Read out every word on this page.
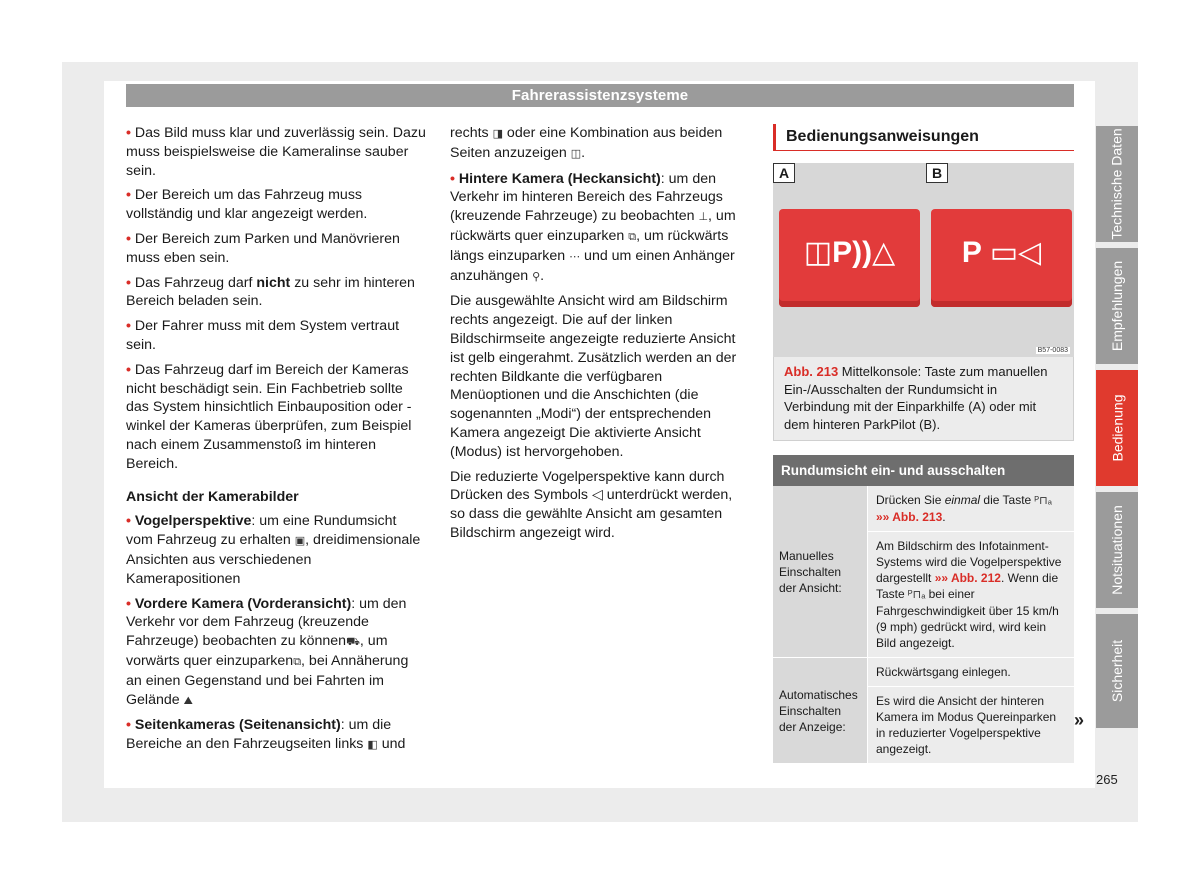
Fahrerassistenzsysteme

• Das Bild muss klar und zuverlässig sein. Dazu muss beispielsweise die Kameralinse sauber sein.

• Der Bereich um das Fahrzeug muss vollständig und klar angezeigt werden.

• Der Bereich zum Parken und Manövrieren muss eben sein.

• Das Fahrzeug darf nicht zu sehr im hinteren Bereich beladen sein.

• Der Fahrer muss mit dem System vertraut sein.

• Das Fahrzeug darf im Bereich der Kameras nicht beschädigt sein. Ein Fachbetrieb sollte das System hinsichtlich Einbauposition oder -winkel der Kameras überprüfen, zum Beispiel nach einem Zusammenstoß im hinteren Bereich.

Ansicht der Kamerabilder

• Vogelperspektive: um eine Rundumsicht vom Fahrzeug zu erhalten ▣, dreidimensionale Ansichten aus verschiedenen Kamerapositionen

• Vordere Kamera (Vorderansicht): um den Verkehr vor dem Fahrzeug (kreuzende Fahrzeuge) beobachten zu können⛟, um vorwärts quer einzuparken⧉, bei Annäherung an einen Gegenstand und bei Fahrten im Gelände ⛰

• Seitenkameras (Seitenansicht): um die Bereiche an den Fahrzeugseiten links ◧ und

rechts ◨ oder eine Kombination aus beiden Seiten anzuzeigen ◫.

• Hintere Kamera (Heckansicht): um den Verkehr im hinteren Bereich des Fahrzeugs (kreuzende Fahrzeuge) zu beobachten ⊥, um rückwärts quer einzuparken ⧉, um rückwärts längs einzuparken ⋯ und um einen Anhänger anzuhängen ⚲.

Die ausgewählte Ansicht wird am Bildschirm rechts angezeigt. Die auf der linken Bildschirmseite angezeigte reduzierte Ansicht ist gelb eingerahmt. Zusätzlich werden an der rechten Bildkante die verfügbaren Menüoptionen und die Anschichten (die sogenannten „Modi“) der entsprechenden Kamera angezeigt Die aktivierte Ansicht (Modus) ist hervorgehoben.

Die reduzierte Vogelperspektive kann durch Drücken des Symbols ◁ unterdrückt werden, so dass die gewählte Ansicht am gesamten Bildschirm angezeigt wird.

Bedienungsanweisungen
A	B
◫P))△	P ▭◁
B57-0083
Abb. 213 Mittelkonsole: Taste zum manuellen Ein-/Ausschalten der Rundumsicht in Verbindung mit der Einparkhilfe (A) oder mit dem hinteren ParkPilot (B).
Rundumsicht ein- und ausschalten
Manuelles Einschalten der Ansicht:
Drücken Sie einmal die Taste ᴾ⊓ₐ »» Abb. 213.
Am Bildschirm des Infotainment-Systems wird die Vogelperspektive dargestellt »» Abb. 212. Wenn die Taste ᴾ⊓ₐ bei einer Fahrgeschwindigkeit über 15 km/h (9 mph) gedrückt wird, wird kein Bild angezeigt.
Automatisches Einschalten der Anzeige:
Rückwärtsgang einlegen.
Es wird die Ansicht der hinteren Kamera im Modus Quereinparken in reduzierter Vogelperspektive angezeigt.
»
265
Technische Daten
Empfehlungen
Bedienung
Notsituationen
Sicherheit
